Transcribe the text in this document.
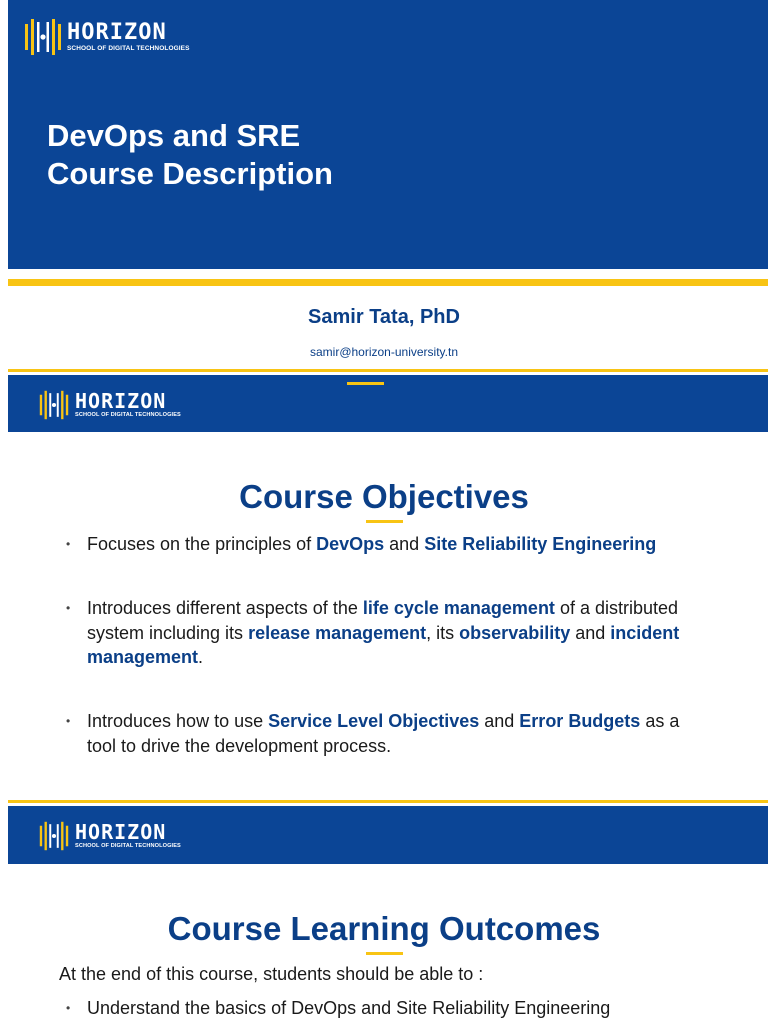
HORIZON
SCHOOL OF DIGITAL TECHNOLOGIES
DevOps and SRE
Course Description
Samir Tata, PhD
samir@horizon-university.tn
HORIZON
SCHOOL OF DIGITAL TECHNOLOGIES
Course Objectives
• Focuses on the principles of DevOps and Site Reliability Engineering
• Introduces different aspects of the life cycle management of a distributed system including its release management, its observability and incident management.
• Introduces how to use Service Level Objectives and Error Budgets as a tool to drive the development process.
HORIZON
SCHOOL OF DIGITAL TECHNOLOGIES
Course Learning Outcomes
At the end of this course, students should be able to :
• Understand the basics of DevOps and Site Reliability Engineering
